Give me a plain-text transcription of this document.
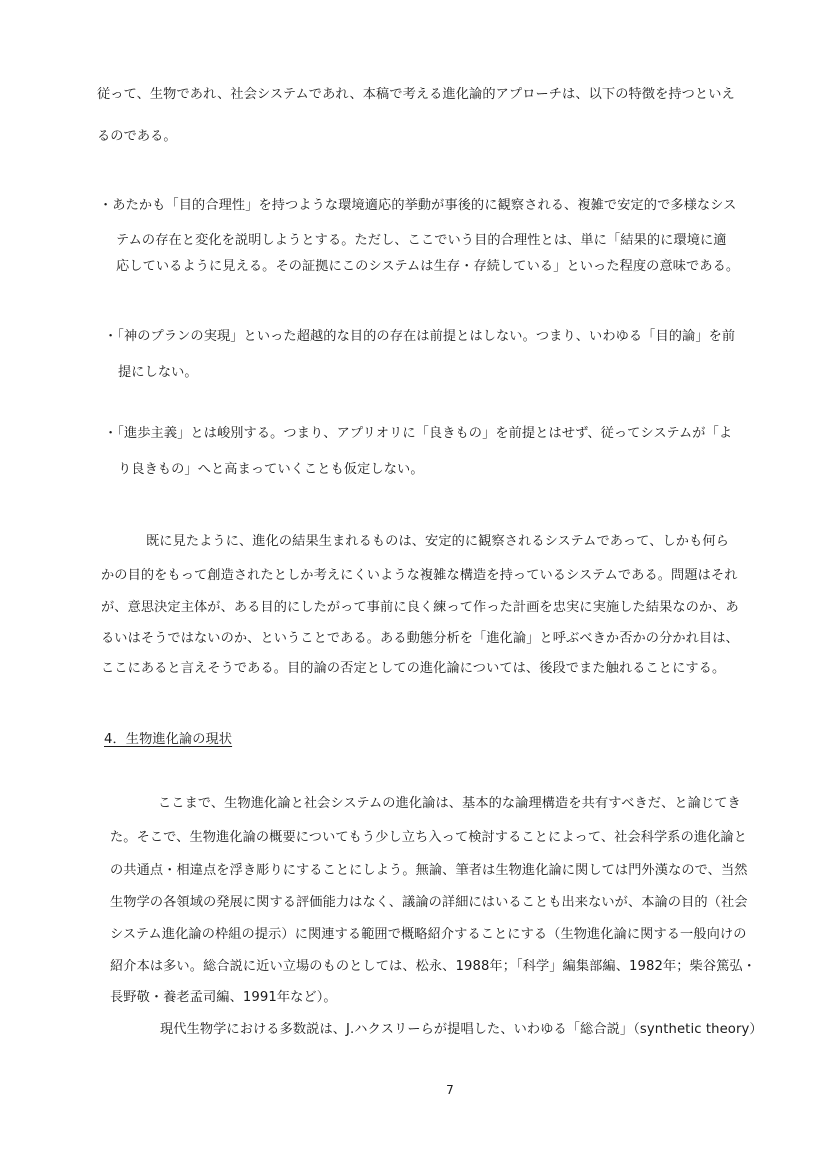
従って、生物であれ、社会システムであれ、本稿で考える進化論的アプローチは、以下の特徴を持つといえ
るのである。
・あたかも「目的合理性」を持つような環境適応的挙動が事後的に観察される、複雑で安定的で多様なシス
テムの存在と変化を説明しようとする。ただし、ここでいう目的合理性とは、単に「結果的に環境に適
応しているように見える。その証拠にこのシステムは生存・存続している」といった程度の意味である。
・「神のプランの実現」といった超越的な目的の存在は前提とはしない。つまり、いわゆる「目的論」を前
提にしない。
・「進歩主義」とは峻別する。つまり、アプリオリに「良きもの」を前提とはせず、従ってシステムが「よ
り良きもの」へと高まっていくことも仮定しない。
既に見たように、進化の結果生まれるものは、安定的に観察されるシステムであって、しかも何ら
かの目的をもって創造されたとしか考えにくいような複雑な構造を持っているシステムである。問題はそれ
が、意思決定主体が、ある目的にしたがって事前に良く練って作った計画を忠実に実施した結果なのか、あ
るいはそうではないのか、ということである。ある動態分析を「進化論」と呼ぶべきか否かの分かれ目は、
ここにあると言えそうである。目的論の否定としての進化論については、後段でまた触れることにする。
4．生物進化論の現状
ここまで、生物進化論と社会システムの進化論は、基本的な論理構造を共有すべきだ、と論じてき
た。そこで、生物進化論の概要についてもう少し立ち入って検討することによって、社会科学系の進化論と
の共通点・相違点を浮き彫りにすることにしよう。無論、筆者は生物進化論に関しては門外漢なので、当然
生物学の各領域の発展に関する評価能力はなく、議論の詳細にはいることも出来ないが、本論の目的（社会
システム進化論の枠組の提示）に関連する範囲で概略紹介することにする（生物進化論に関する一般向けの
紹介本は多い。総合説に近い立場のものとしては、松永、1988年；「科学」編集部編、1982年；柴谷篤弘・
長野敬・養老孟司編、1991年など）。
現代生物学における多数説は、J.ハクスリーらが提唱した、いわゆる「総合説」（synthetic theory）
7
